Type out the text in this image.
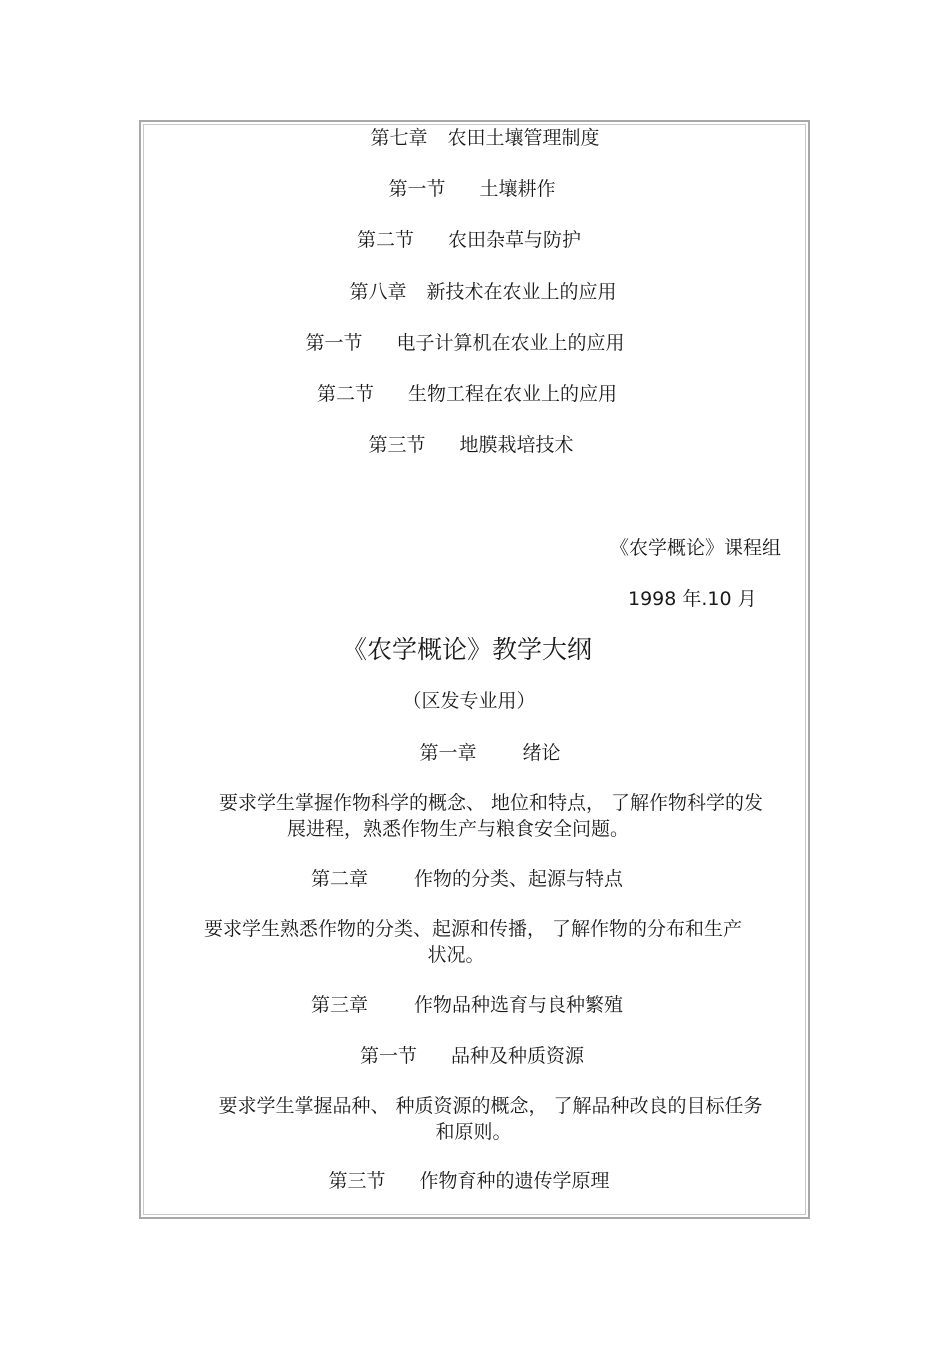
第七章 农田土壤管理制度
第一节 土壤耕作
第二节 农田杂草与防护
第八章 新技术在农业上的应用
第一节 电子计算机在农业上的应用
第二节 生物工程在农业上的应用
第三节 地膜栽培技术
《农学概论》课程组
1998 年.10 月
《农学概论》教学大纲
（区发专业用）
第一章 绪论
要求学生掌握作物科学的概念、 地位和特点， 了解作物科学的发
展进程，熟悉作物生产与粮食安全问题。
第二章 作物的分类、起源与特点
要求学生熟悉作物的分类、起源和传播， 了解作物的分布和生产
状况。
第三章 作物品种选育与良种繁殖
第一节 品种及种质资源
要求学生掌握品种、 种质资源的概念， 了解品种改良的目标任务
和原则。
第三节 作物育种的遗传学原理
